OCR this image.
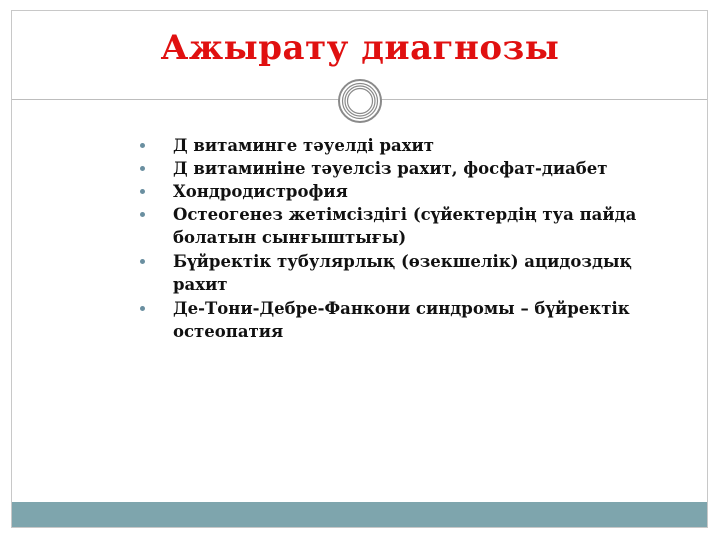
Ажырату диагнозы
Д витаминге тәуелді рахит
Д витаминіне тәуелсіз рахит, фосфат-диабет
Хондродистрофия
Остеогенез жетімсіздігі (сүйектердің туа пайда болатын сынғыштығы)
Бүйректік тубулярлық (өзекшелік) ацидоздық рахит
Де-Тони-Дебре-Фанкони синдромы – бүйректік остеопатия
